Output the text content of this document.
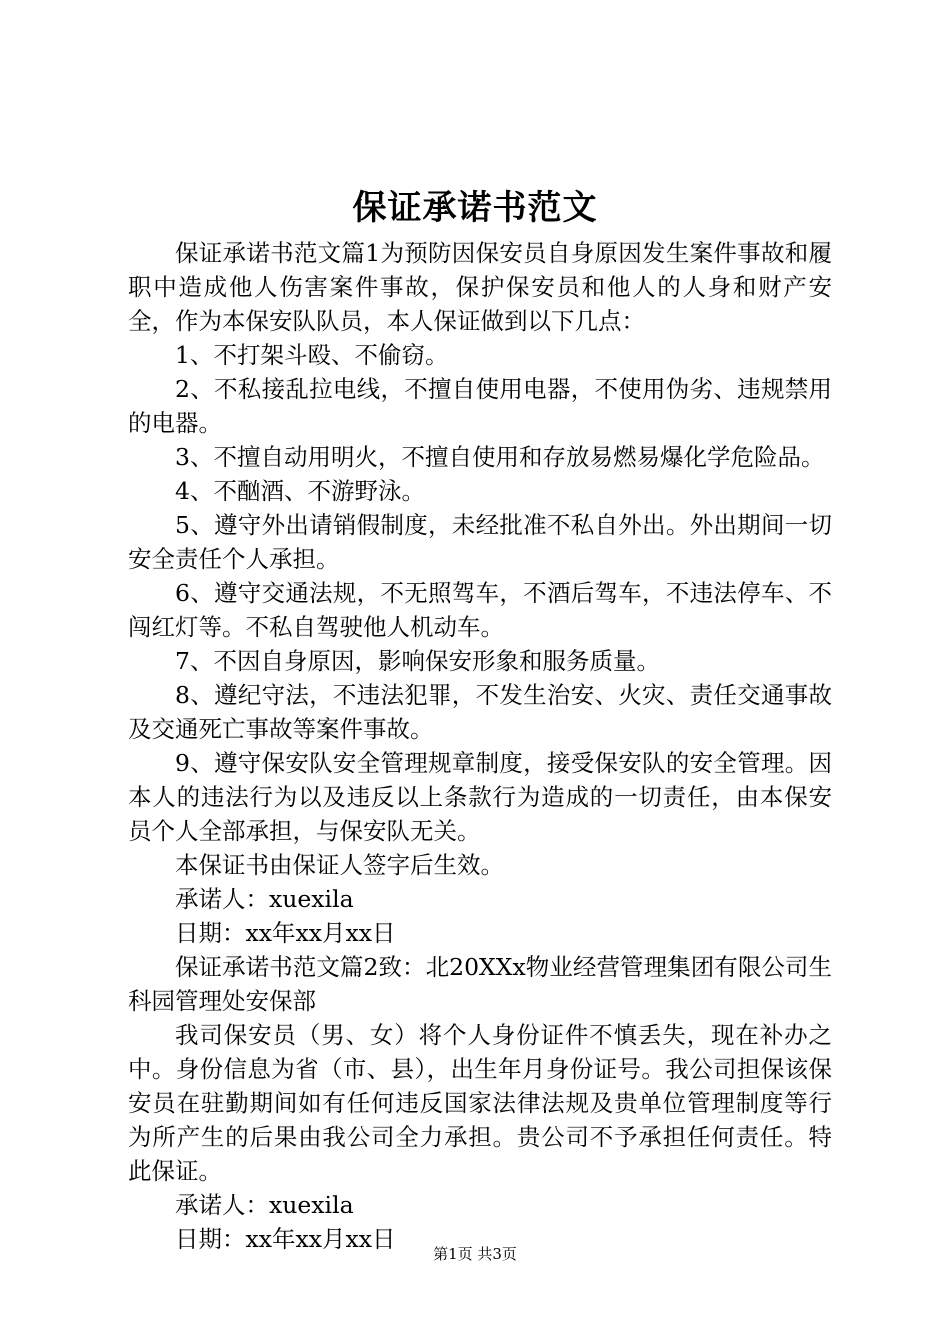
保证承诺书范文

保证承诺书范文篇1为预防因保安员自身原因发生案件事故和履职中造成他人伤害案件事故，保护保安员和他人的人身和财产安全，作为本保安队队员，本人保证做到以下几点：

1、不打架斗殴、不偷窃。

2、不私接乱拉电线，不擅自使用电器，不使用伪劣、违规禁用的电器。

3、不擅自动用明火，不擅自使用和存放易燃易爆化学危险品。

4、不酗酒、不游野泳。

5、遵守外出请销假制度，未经批准不私自外出。外出期间一切安全责任个人承担。

6、遵守交通法规，不无照驾车，不酒后驾车，不违法停车、不闯红灯等。不私自驾驶他人机动车。

7、不因自身原因，影响保安形象和服务质量。

8、遵纪守法，不违法犯罪，不发生治安、火灾、责任交通事故及交通死亡事故等案件事故。

9、遵守保安队安全管理规章制度，接受保安队的安全管理。因本人的违法行为以及违反以上条款行为造成的一切责任，由本保安员个人全部承担，与保安队无关。

本保证书由保证人签字后生效。

承诺人：xuexila

日期：xx年xx月xx日

保证承诺书范文篇2致：北20XXx物业经营管理集团有限公司生科园管理处安保部

我司保安员（男、女）将个人身份证件不慎丢失，现在补办之中。身份信息为省（市、县），出生年月身份证号。我公司担保该保安员在驻勤期间如有任何违反国家法律法规及贵单位管理制度等行为所产生的后果由我公司全力承担。贵公司不予承担任何责任。特此保证。

承诺人：xuexila

日期：xx年xx月xx日

第1页 共3页
